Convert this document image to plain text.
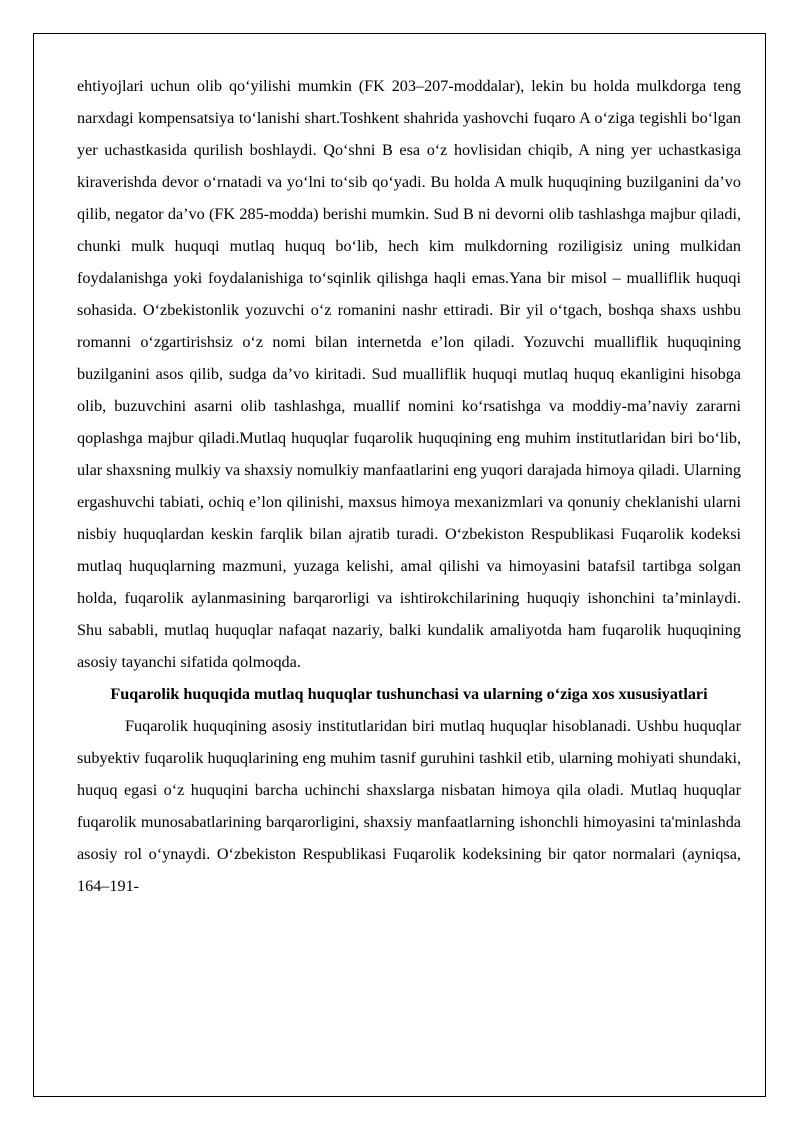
ehtiyojlari uchun olib qo‘yilishi mumkin (FK 203–207-moddalar), lekin bu holda mulkdorga teng narxdagi kompensatsiya to‘lanishi shart.Toshkent shahrida yashovchi fuqaro A o‘ziga tegishli bo‘lgan yer uchastkasida qurilish boshlaydi. Qo‘shni B esa o‘z hovlisidan chiqib, A ning yer uchastkasiga kiraverishda devor o‘rnatadi va yo‘lni to‘sib qo‘yadi. Bu holda A mulk huquqining buzilganini da’vo qilib, negator da’vo (FK 285-modda) berishi mumkin. Sud B ni devorni olib tashlashga majbur qiladi, chunki mulk huquqi mutlaq huquq bo‘lib, hech kim mulkdorning roziligisiz uning mulkidan foydalanishga yoki foydalanishiga to‘sqinlik qilishga haqli emas.Yana bir misol – mualliflik huquqi sohasida. O‘zbekistonlik yozuvchi o‘z romanini nashr ettiradi. Bir yil o‘tgach, boshqa shaxs ushbu romanni o‘zgartirishsiz o‘z nomi bilan internetda e’lon qiladi. Yozuvchi mualliflik huquqining buzilganini asos qilib, sudga da’vo kiritadi. Sud mualliflik huquqi mutlaq huquq ekanligini hisobga olib, buzuvchini asarni olib tashlashga, muallif nomini ko‘rsatishga va moddiy-ma’naviy zararni qoplashga majbur qiladi.Mutlaq huquqlar fuqarolik huquqining eng muhim institutlaridan biri bo‘lib, ular shaxsning mulkiy va shaxsiy nomulkiy manfaatlarini eng yuqori darajada himoya qiladi. Ularning ergashuvchi tabiati, ochiq e’lon qilinishi, maxsus himoya mexanizmlari va qonuniy cheklanishi ularni nisbiy huquqlardan keskin farqlik bilan ajratib turadi. O‘zbekiston Respublikasi Fuqarolik kodeksi mutlaq huquqlarning mazmuni, yuzaga kelishi, amal qilishi va himoyasini batafsil tartibga solgan holda, fuqarolik aylanmasining barqarorligi va ishtirokchilarining huquqiy ishonchini ta’minlaydi. Shu sababli, mutlaq huquqlar nafaqat nazariy, balki kundalik amaliyotda ham fuqarolik huquqining asosiy tayanchi sifatida qolmoqda.

Fuqarolik huquqida mutlaq huquqlar tushunchasi va ularning o‘ziga xos xususiyatlari

Fuqarolik huquqining asosiy institutlaridan biri mutlaq huquqlar hisoblanadi. Ushbu huquqlar subyektiv fuqarolik huquqlarining eng muhim tasnif guruhini tashkil etib, ularning mohiyati shundaki, huquq egasi o‘z huquqini barcha uchinchi shaxslarga nisbatan himoya qila oladi. Mutlaq huquqlar fuqarolik munosabatlarining barqarorligini, shaxsiy manfaatlarning ishonchli himoyasini ta'minlashda asosiy rol o‘ynaydi. O‘zbekiston Respublikasi Fuqarolik kodeksining bir qator normalari (ayniqsa, 164–191-
